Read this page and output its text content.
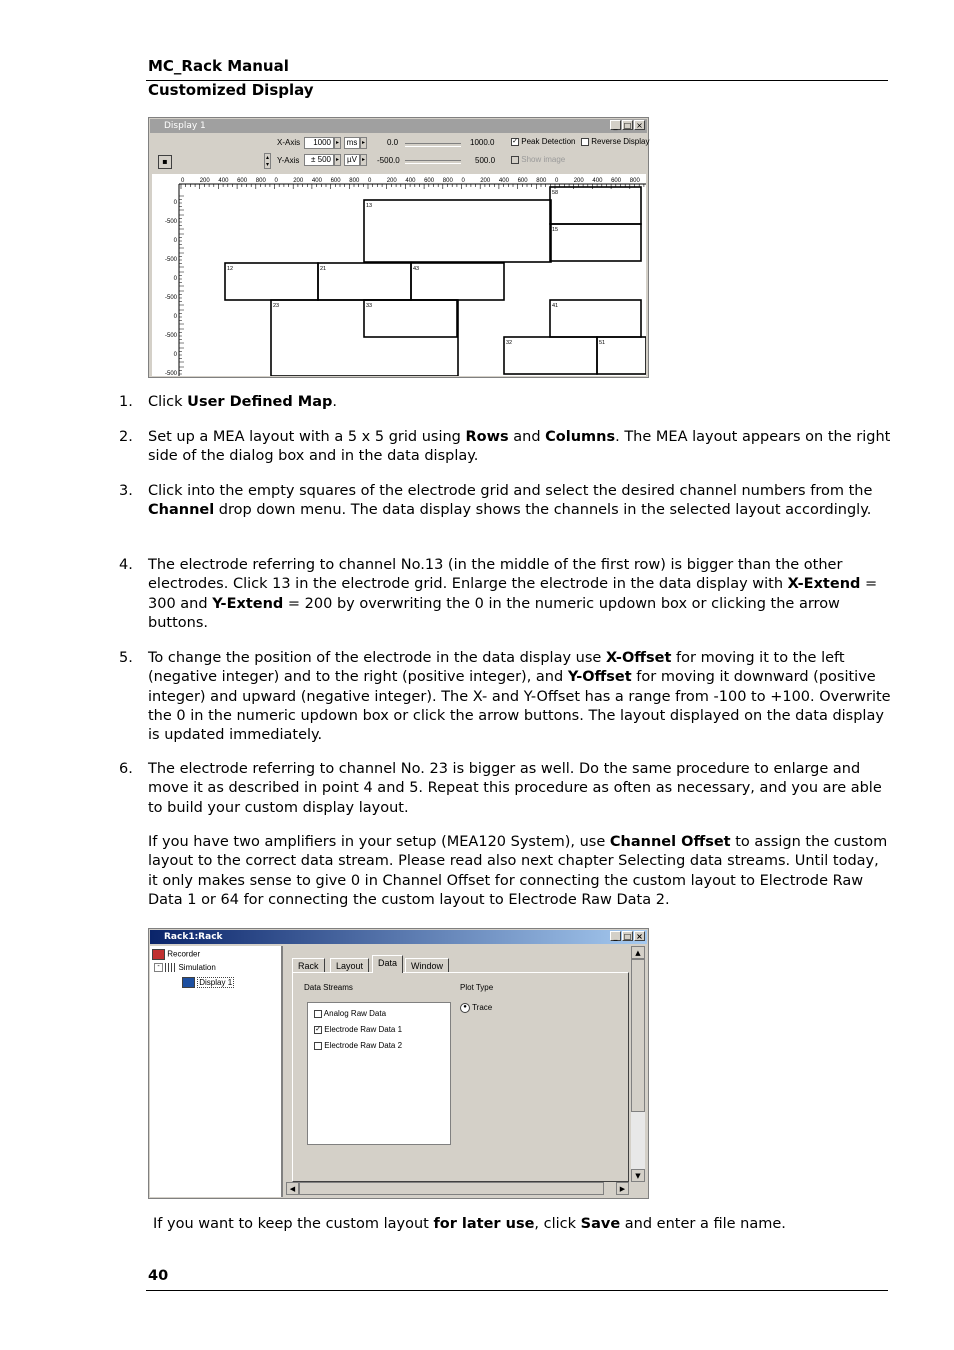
MC_Rack Manual
Customized Display
Display 1	_ □ ×
▪
X-Axis	1000 ▸ ms ▸	0.0	1000.0	✓ Peak Detection	Reverse Display
▴
▾ Y-Axis	± 500 ▸	µV ▸ -500.0	500.0	Show image
0	200 400 600 800 0	200 400 600 800 0	200 400 600 800 0	200 400 600 800 0	200 400 600 800
0
-500
0
-500
0
-500
0
-500
0
-500
13
58
15
12	21	43
23	33	41
32	51
1. Click User Defined Map.
2. Set up a MEA layout with a 5 x 5 grid using Rows and Columns. The MEA layout appears on the right side of the dialog box and in the data display.
3. Click into the empty squares of the electrode grid and select the desired channel numbers from the Channel drop down menu. The data display shows the channels in the selected layout accordingly.
4. The electrode referring to channel No.13 (in the middle of the first row) is bigger than the other electrodes. Click 13 in the electrode grid. Enlarge the electrode in the data display with X-Extend = 300 and Y-Extend = 200 by overwriting the 0 in the numeric updown box or clicking the arrow buttons.
5. To change the position of the electrode in the data display use X-Offset for moving it to the left (negative integer) and to the right (positive integer), and Y-Offset for moving it downward (positive integer) and upward (negative integer). The X- and Y-Offset has a range from -100 to +100. Overwrite the 0 in the numeric updown box or click the arrow buttons. The layout displayed on the data display is updated immediately.
6. The electrode referring to channel No. 23 is bigger as well. Do the same procedure to enlarge and move it as described in point 4 and 5. Repeat this procedure as often as necessary, and you are able to build your custom display layout.
If you have two amplifiers in your setup (MEA120 System), use Channel Offset to assign the custom layout to the correct data stream. Please read also next chapter Selecting data streams. Until today, it only makes sense to give 0 in Channel Offset for connecting the custom layout to Electrode Raw Data 1 or 64 for connecting the custom layout to Electrode Raw Data 2.
Rack1:Rack	_ □ ×
Recorder
- Simulation
Display 1
Rack	Layout	Data	Window
Data Streams
Analog Raw Data
✓ Electrode Raw Data 1
Electrode Raw Data 2
Plot Type
● Trace
▲
▼
◀	▶
If you want to keep the custom layout for later use, click Save and enter a file name.
40
